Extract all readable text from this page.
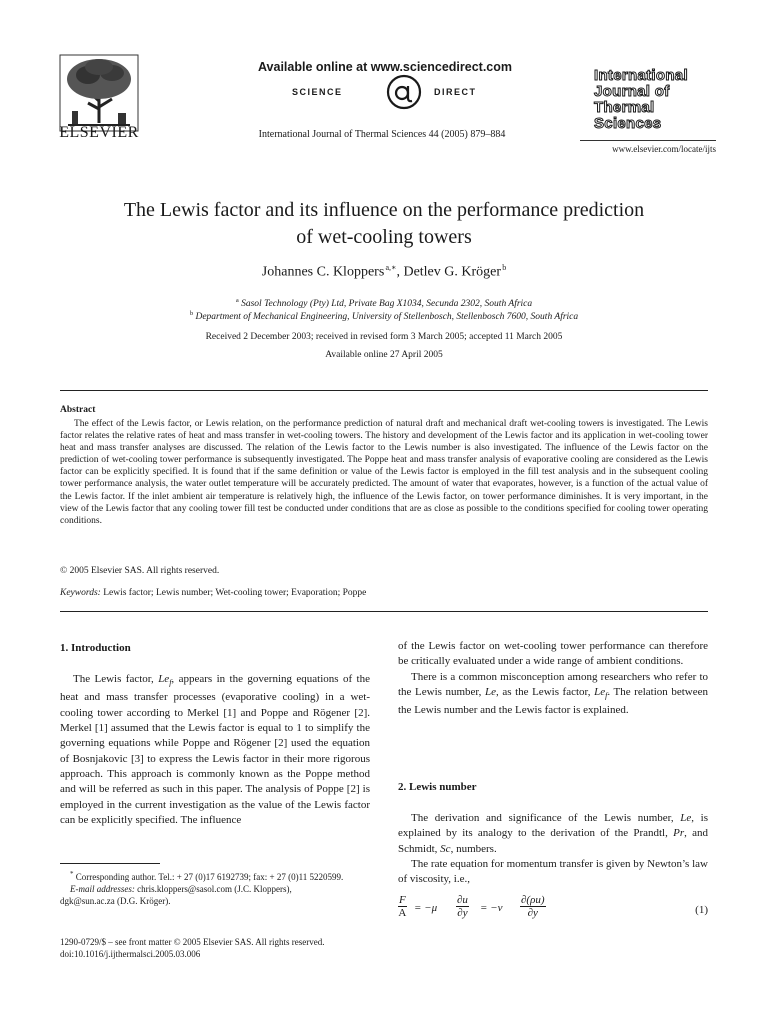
ELSEVIER
Available online at www.sciencedirect.com
SCIENCE	DIRECT
International Journal of Thermal Sciences 44 (2005) 879–884
International
Journal of
Thermal
Sciences
www.elsevier.com/locate/ijts
The Lewis factor and its influence on the performance prediction
of wet-cooling towers
Johannes C. Kloppers $^{a,∗}$, Detlev G. Kröger $^b$
$^a$ Sasol Technology (Pty) Ltd, Private Bag X1034, Secunda 2302, South Africa
$^b$ Department of Mechanical Engineering, University of Stellenbosch, Stellenbosch 7600, South Africa
Received 2 December 2003; received in revised form 3 March 2005; accepted 11 March 2005
Available online 27 April 2005
Abstract
The effect of the Lewis factor, or Lewis relation, on the performance prediction of natural draft and mechanical draft wet-cooling towers is investigated. The Lewis factor relates the relative rates of heat and mass transfer in wet-cooling towers. The history and development of the Lewis factor and its application in wet-cooling tower heat and mass transfer analyses are discussed. The relation of the Lewis factor to the Lewis number is also investigated. The influence of the Lewis factor on the prediction of wet-cooling tower performance is subsequently investigated. The Poppe heat and mass transfer analysis of evaporative cooling are considered as the Lewis factor can be explicitly specified. It is found that if the same definition or value of the Lewis factor is employed in the fill test analysis and in the subsequent cooling tower performance analysis, the water outlet temperature will be accurately predicted. The amount of water that evaporates, however, is a function of the actual value of the Lewis factor. If the inlet ambient air temperature is relatively high, the influence of the Lewis factor, on tower performance diminishes. It is very important, in the view of the Lewis factor that any cooling tower fill test be conducted under conditions that are as close as possible to the conditions specified for cooling tower operating conditions.
© 2005 Elsevier SAS. All rights reserved.
Keywords: Lewis factor; Lewis number; Wet-cooling tower; Evaporation; Poppe
1. Introduction

The Lewis factor, $Le_f$, appears in the governing equations of the heat and mass transfer processes (evaporative cooling) in a wet-cooling tower according to Merkel [1] and Poppe and Rögener [2]. Merkel [1] assumed that the Lewis factor is equal to 1 to simplify the governing equations while Poppe and Rögener [2] used the equation of Bosnjakovic [3] to express the Lewis factor in their more rigorous approach. This approach is commonly known as the Poppe method and will be referred as such in this paper. The analysis of Poppe [2] is employed in the current investigation as the value of the Lewis factor can be explicitly specified. The influence

* Corresponding author. Tel.: + 27 (0)17 6192739; fax: + 27 (0)11 5220599.
E-mail addresses: chris.kloppers@sasol.com (J.C. Kloppers),
dgk@sun.ac.za (D.G. Kröger).
1290-0729/$ – see front matter © 2005 Elsevier SAS. All rights reserved.
doi:10.1016/j.ijthermalsci.2005.03.006

of the Lewis factor on wet-cooling tower performance can therefore be critically evaluated under a wide range of ambient conditions.

There is a common misconception among researchers who refer to the Lewis number, Le, as the Lewis factor, $Le_f$. The relation between the Lewis number and the Lewis factor is explained.

2. Lewis number

The derivation and significance of the Lewis number, Le, is explained by its analogy to the derivation of the Prandtl, Pr, and Schmidt, Sc, numbers.

The rate equation for momentum transfer is given by Newton’s law of viscosity, i.e.,

$\frac{F}{A} = -\mu \frac{\partial u}{\partial y} = -\nu \frac{\partial(\rho u)}{\partial y}$	(1)
